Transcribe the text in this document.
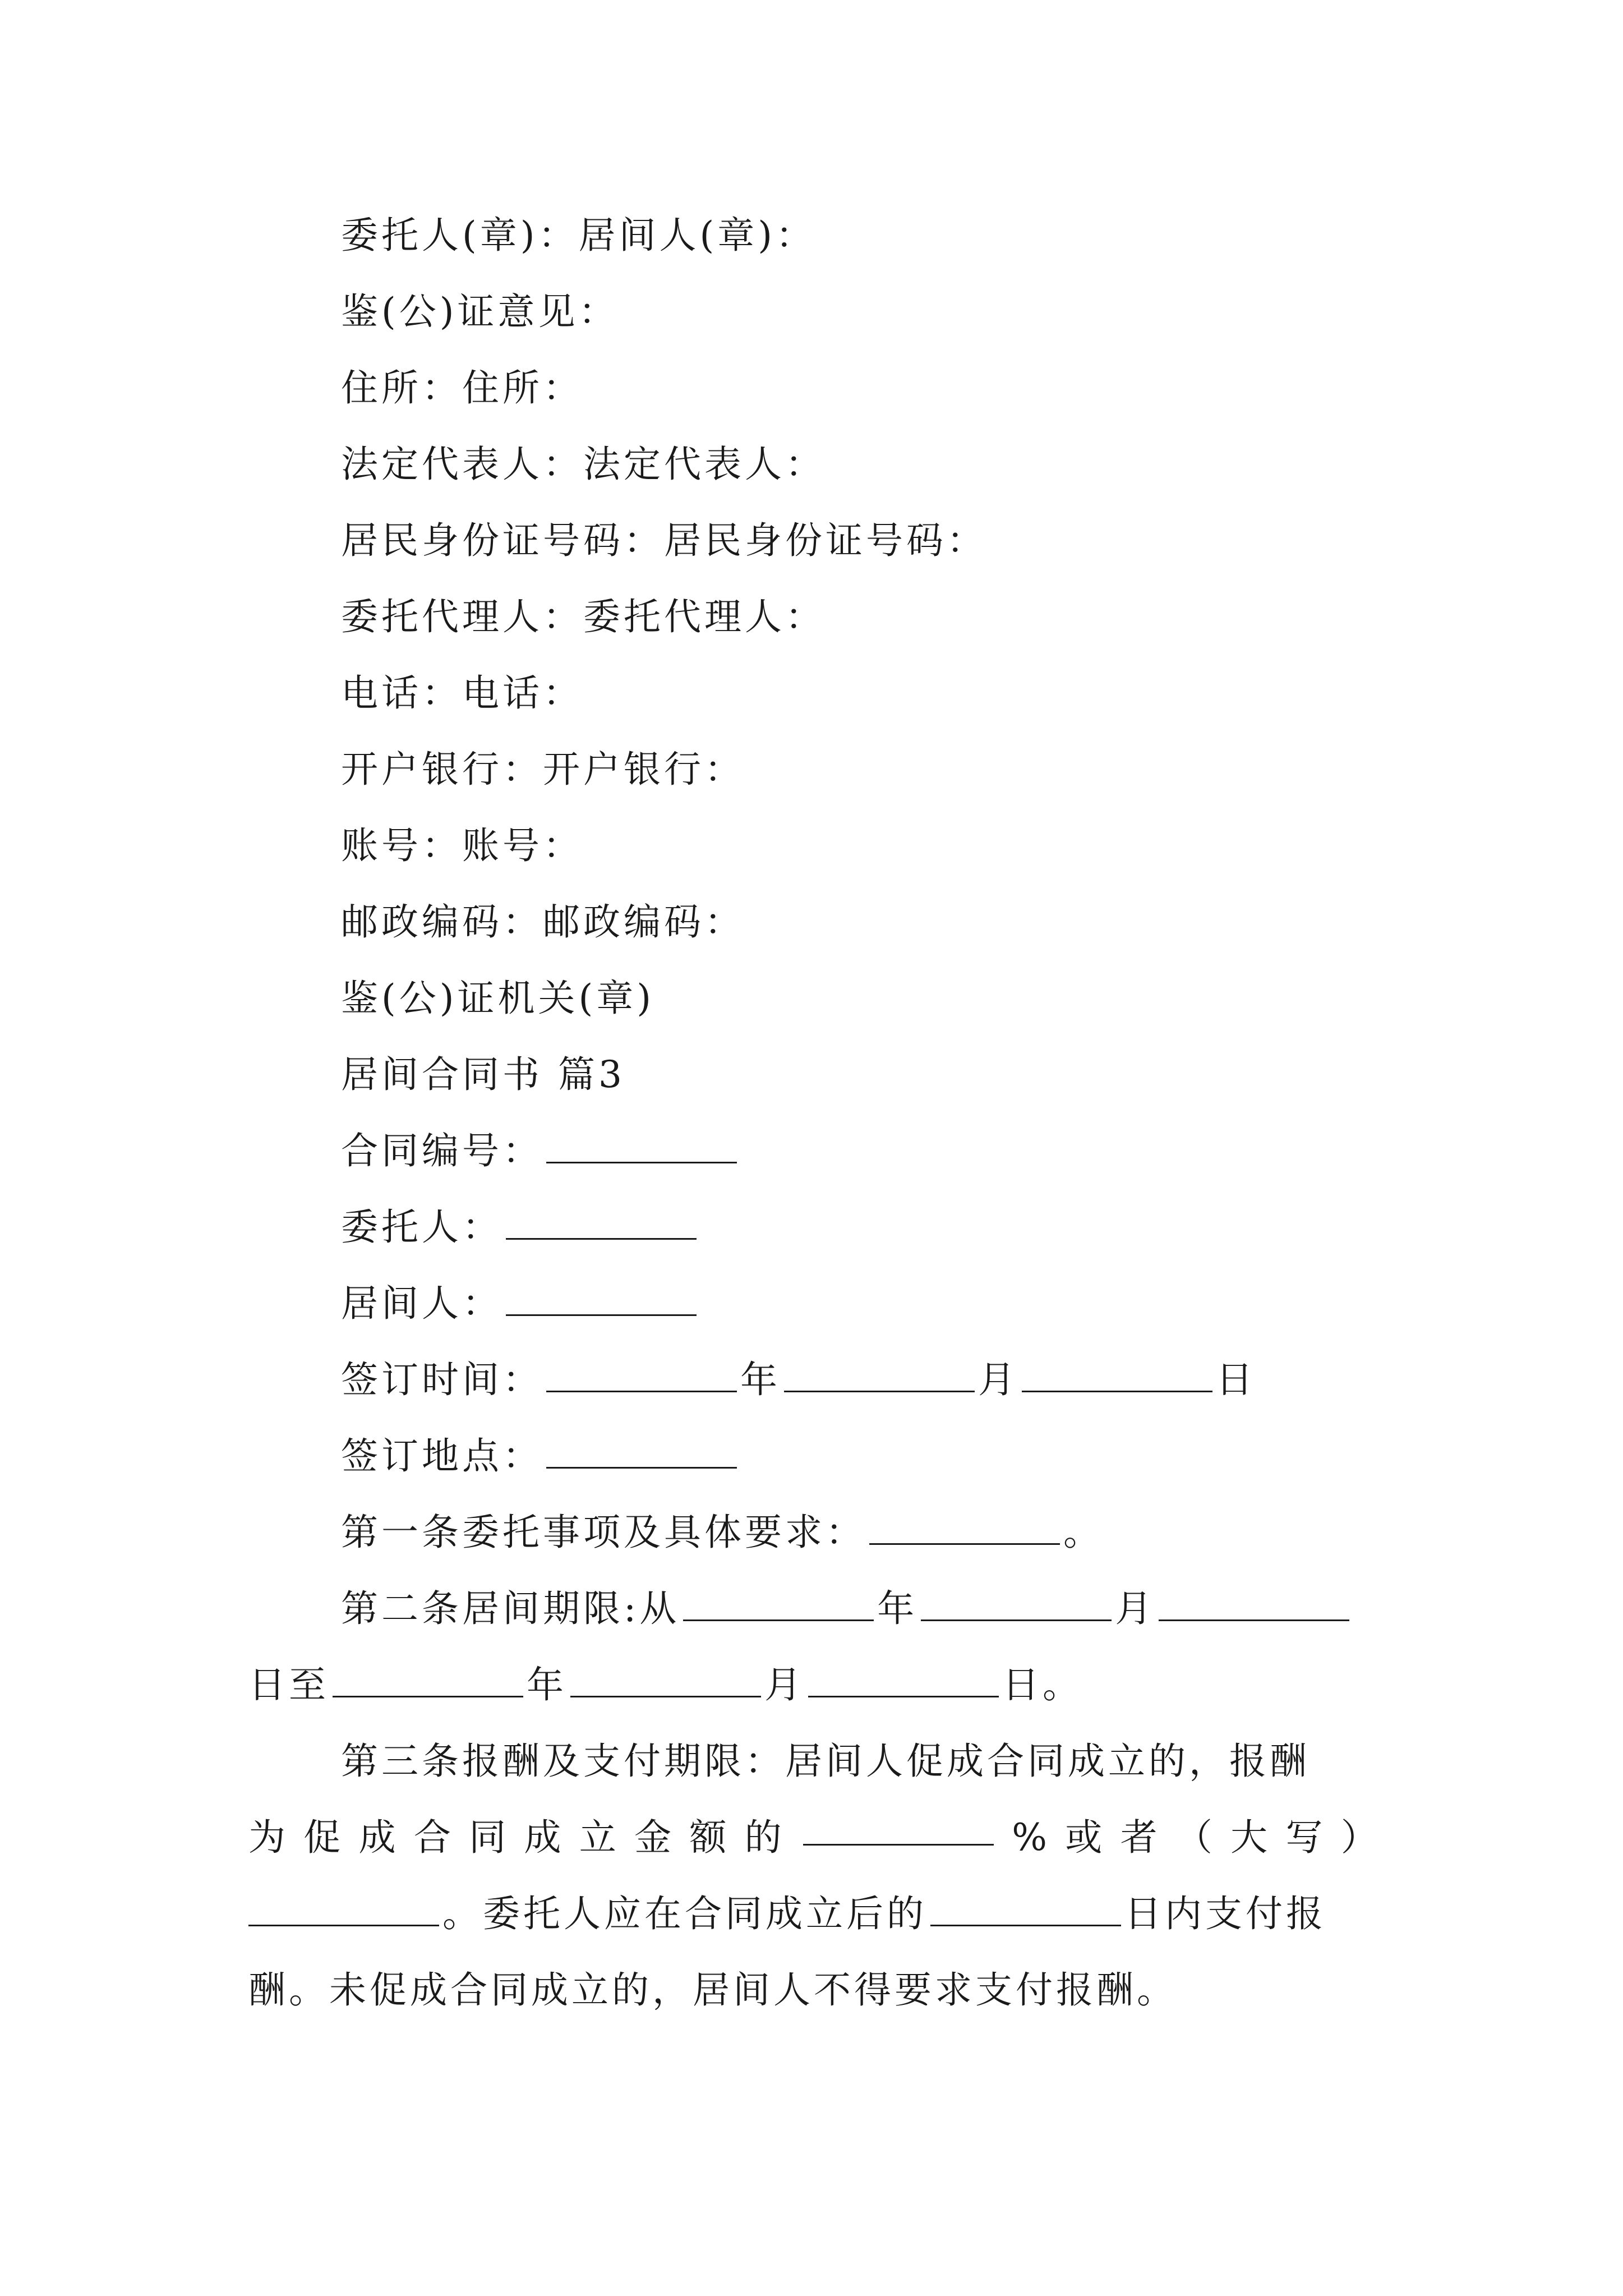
委托人(章)：居间人(章)：
鉴(公)证意见：
住所：住所：
法定代表人：法定代表人：
居民身份证号码：居民身份证号码：
委托代理人：委托代理人：
电话：电话：
开户银行：开户银行：
账号：账号：
邮政编码：邮政编码：
鉴(公)证机关(章)
居间合同书 篇3
合同编号：
委托人：
居间人：
签订时间：	年	月	日
签订地点：
第一条委托事项及具体要求：	。
第二条居间期限:从	年	月
日至	年	月	日。
第三条报酬及支付期限：居间人促成合同成立的，报酬
为 促 成 合 同 成 立 金 额 的	% 或 者 （ 大 写 ）
。委托人应在合同成立后的	日内支付报
酬。未促成合同成立的，居间人不得要求支付报酬。
